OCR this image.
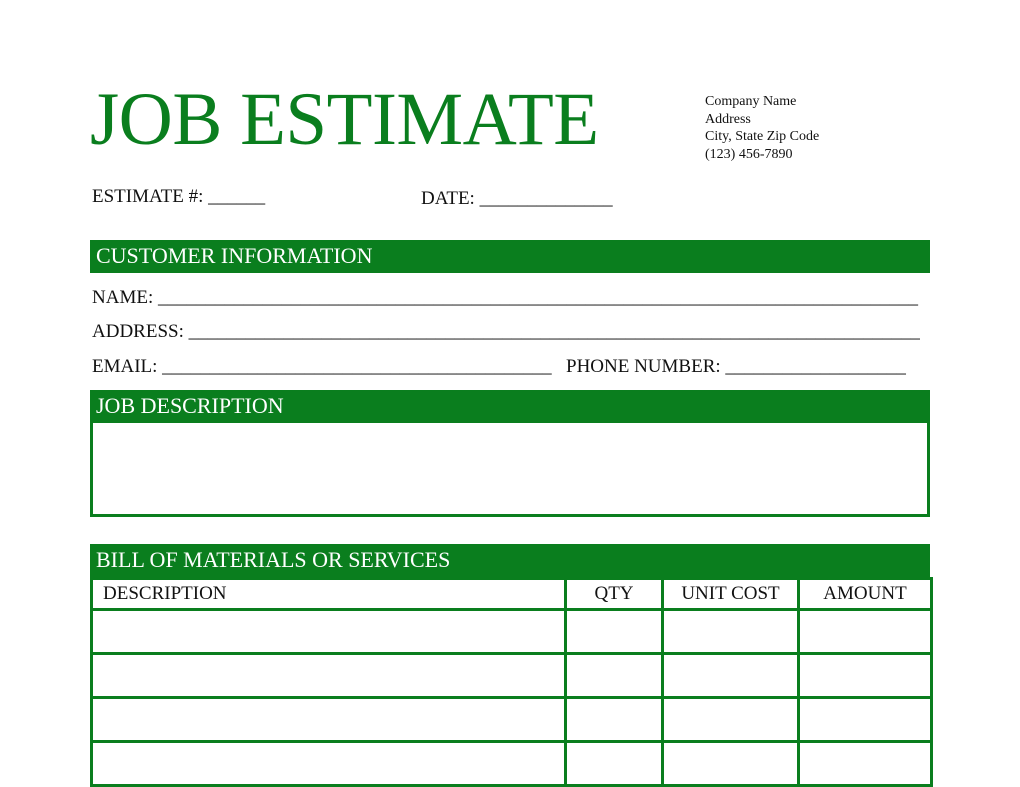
JOB ESTIMATE	Company Name
Address
City, State Zip Code
(123) 456-7890
ESTIMATE #: ______	DATE: ______________
CUSTOMER INFORMATION
NAME: ________________________________________________________________________________
ADDRESS: _____________________________________________________________________________
EMAIL: _________________________________________ PHONE NUMBER: ___________________
JOB DESCRIPTION
BILL OF MATERIALS OR SERVICES
DESCRIPTION	QTY	UNIT COST	AMOUNT
